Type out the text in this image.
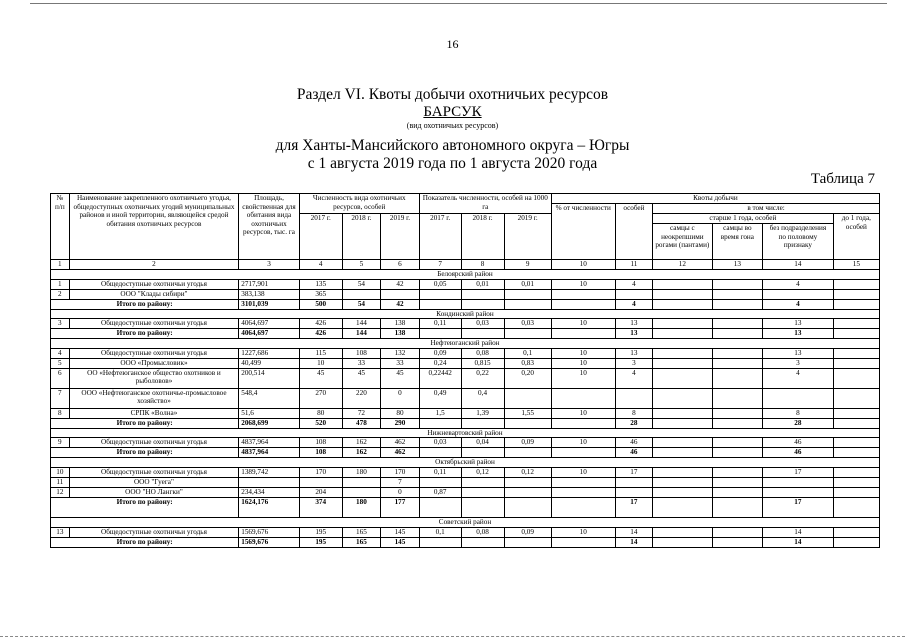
16
Раздел VI. Квоты добычи охотничьих ресурсов
БАРСУК
(вид охотничьих ресурсов)
для Ханты-Мансийского автономного округа – Югры
с 1 августа 2019 года по 1 августа 2020 года
Таблица 7
№ п/п	Наименование закрепленного охотничьего угодья, общедоступных охотничьих угодий муниципальных районов и иной территории, являющейся средой обитания охотничьих ресурсов	Площадь, свойственная для обитания вида охотничьих ресурсов, тыс. га	Численность вида охотничьих ресурсов, особей			Показатель численности, особей на 1000 га			Квоты добычи					
									% от численности	особей	в том числе:			
			2017 г.	2018 г.	2019 г.	2017 г.	2018 г.	2019 г.			старше 1 года, особей			до 1 года, особей
											самцы с неокрепшими рогами (пантами)	самцы во время гона	без подразделения по половому признаку	
1	2	3	4	5	6	7	8	9	10	11	12	13	14	15
Белоярский район														
1	Общедоступные охотничьи угодья	2717,901	135	54	42	0,05	0,01	0,01	10	4			4	
2	ООО "Клады сибири"	383,138	365											
Итого по району:		3101,039	500	54	42					4			4	
Кондинский район														
3	Общедоступные охотничьи угодья	4064,697	426	144	138	0,11	0,03	0,03	10	13			13	
Итого по району:		4064,697	426	144	138					13			13	
Нефтеюганский район														
4	Общедоступные охотничьи угодья	1227,686	115	108	132	0,09	0,08	0,1	10	13			13	
5	ООО «Промысловик»	40,499	10	33	33	0,24	0,815	0,83	10	3			3	
6	ОО «Нефтеюганское общество охотников и рыболовов»	200,514	45	45	45	0,22442	0,22	0,20	10	4			4	
7	ООО «Нефтеюганское охотничье-промысловое хозяйство»	548,4	270	220	0	0,49	0,4							
8	СРПК «Волна»	51,6	80	72	80	1,5	1,39	1,55	10	8			8	
Итого по району:		2068,699	520	478	290					28			28	
Нижневартовский район														
9	Общедоступные охотничьи угодья	4837,964	108	162	462	0,03	0,04	0,09	10	46			46	
Итого по району:		4837,964	108	162	462					46			46	
Октябрьский район														
10	Общедоступные охотничьи угодья	1389,742	170	180	170	0,11	0,12	0,12	10	17			17	
11	ООО "Гуега"				7									
12	ООО "НО Лангки"	234,434	204		0	0,87								
Итого по району:		1624,176	374	180	177					17			17	
Советский район														
13	Общедоступные охотничьи угодья	1569,676	195	165	145	0,1	0,08	0,09	10	14			14	
Итого по району:		1569,676	195	165	145					14			14	
